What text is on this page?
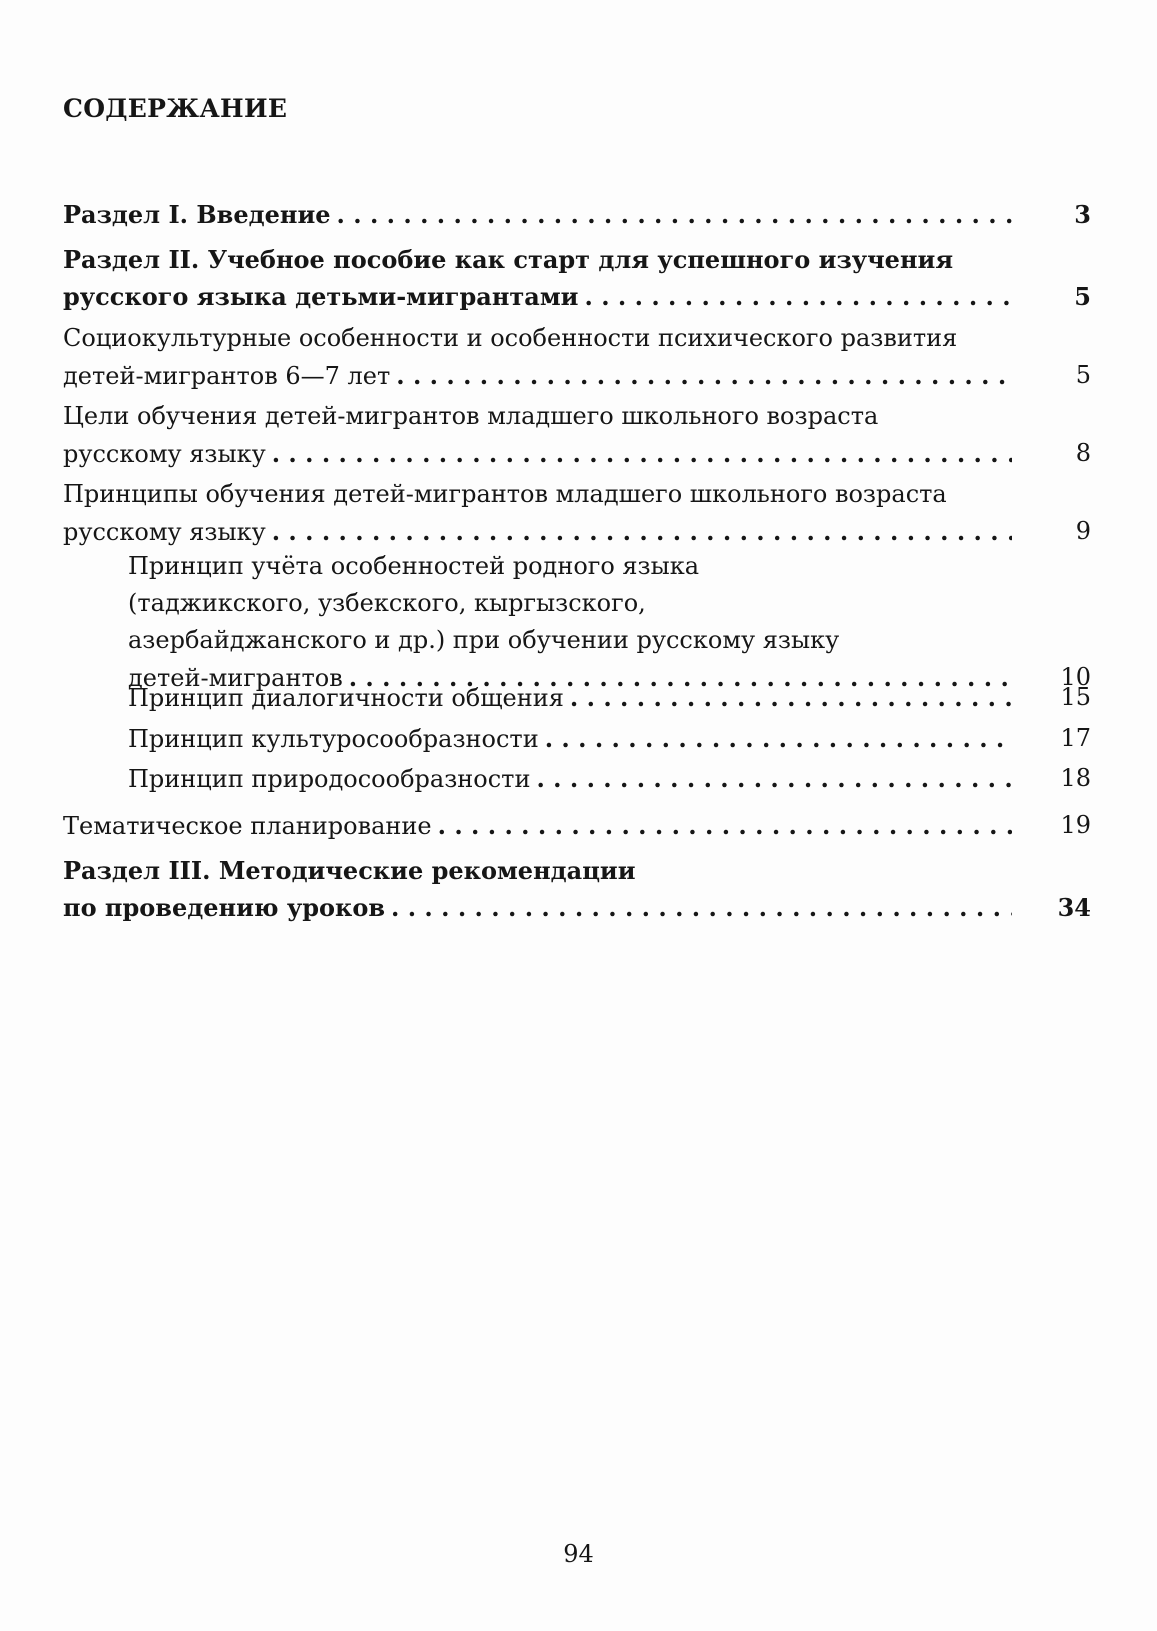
СОДЕРЖАНИЕ
Раздел I. Введение . . .	3
Раздел II. Учебное пособие как старт для успешного изучения
русского языка детьми-мигрантами . . .	5
Социокультурные особенности и особенности психического развития
детей-мигрантов 6—7 лет . . .	5
Цели обучения детей-мигрантов младшего школьного возраста
русскому языку . . .	8
Принципы обучения детей-мигрантов младшего школьного возраста
русскому языку . . .	9
Принцип учёта особенностей родного языка
(таджикского, узбекского, кыргызского,
азербайджанского и др.) при обучении русскому языку
детей-мигрантов . . .	10
Принцип диалогичности общения . . .	15
Принцип культуросообразности . . .	17
Принцип природосообразности . . .	18
Тематическое планирование . . .	19
Раздел III. Методические рекомендации
по проведению уроков . . .	34
94
